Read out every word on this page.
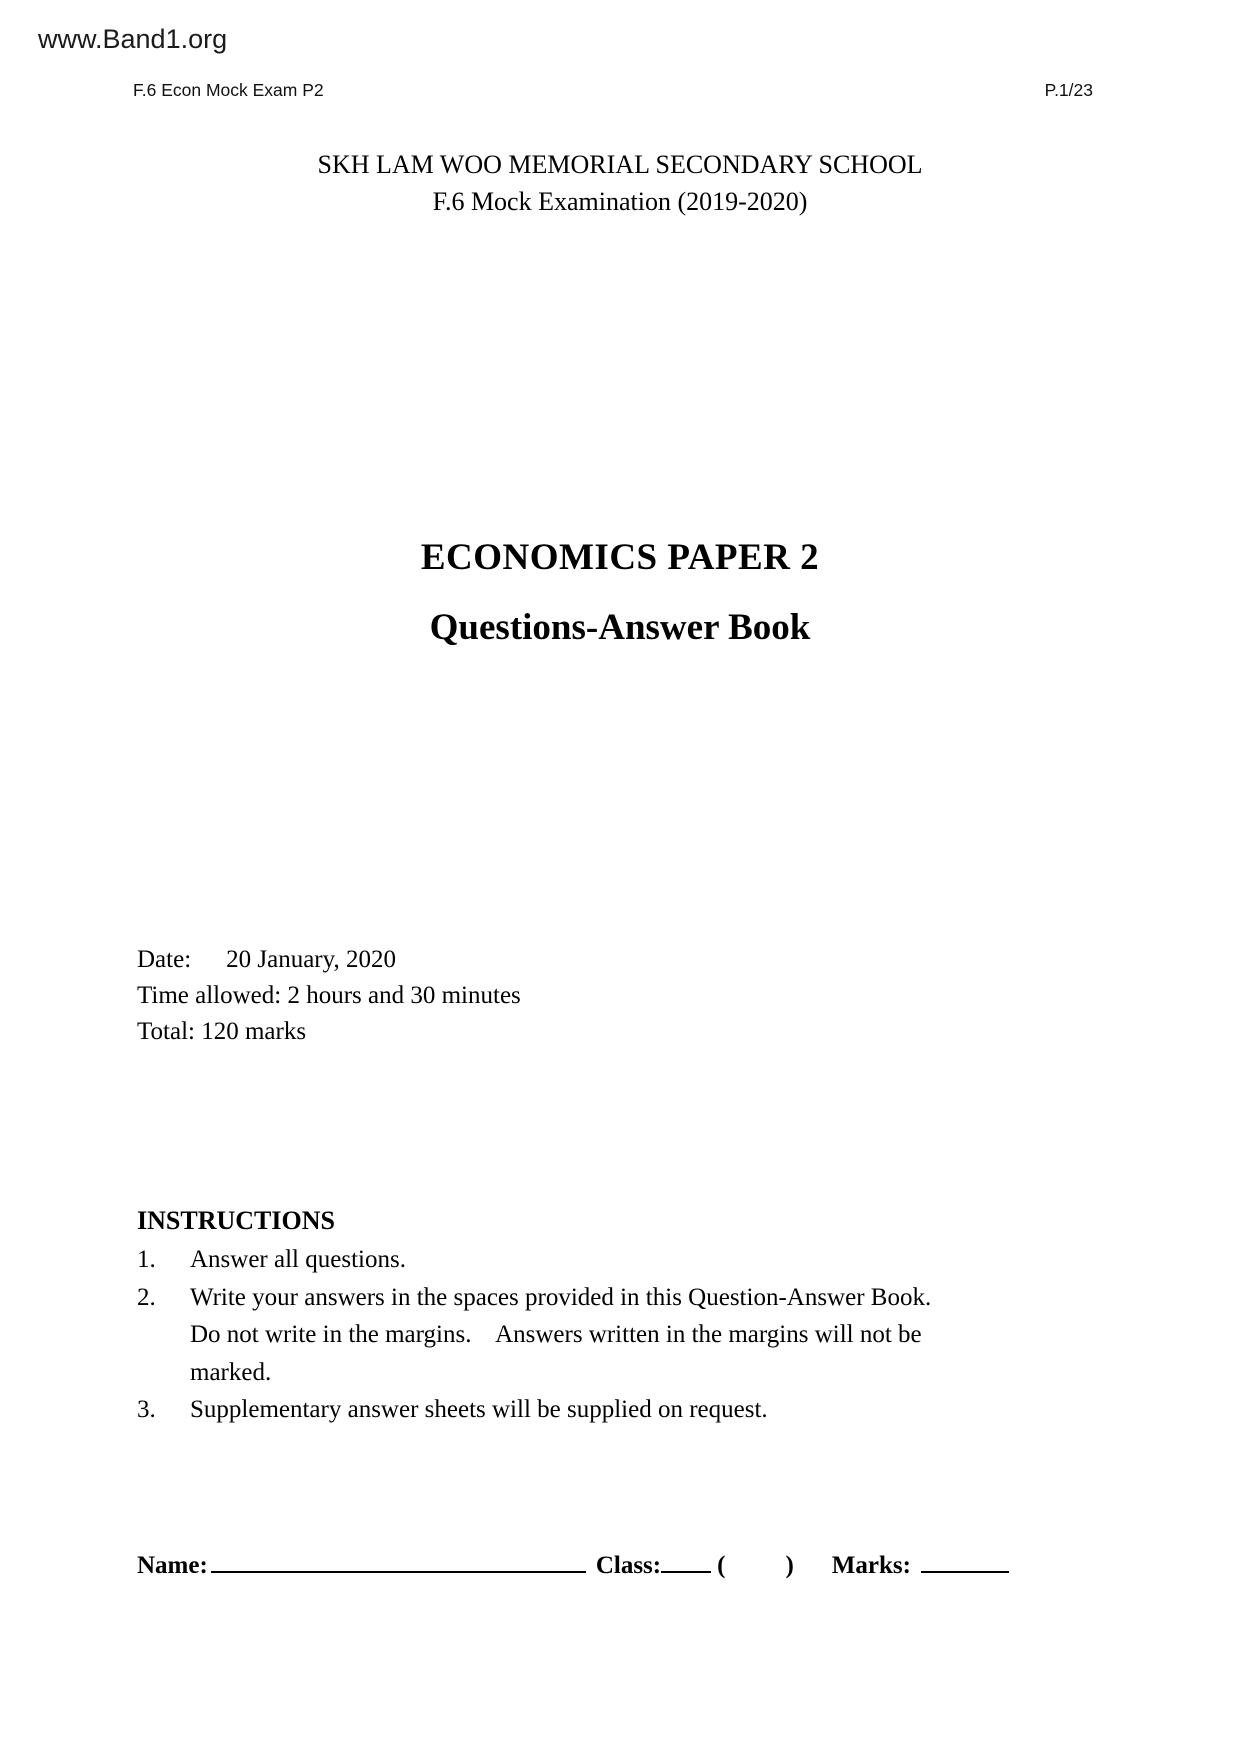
www.Band1.org
F.6 Econ Mock Exam P2	P.1/23
SKH LAM WOO MEMORIAL SECONDARY SCHOOL
F.6 Mock Examination (2019-2020)
ECONOMICS PAPER 2
Questions-Answer Book
Date: 20 January, 2020
Time allowed: 2 hours and 30 minutes
Total: 120 marks
INSTRUCTIONS
1.	Answer all questions.
2.	Write your answers in the spaces provided in this Question-Answer Book.
Do not write in the margins.    Answers written in the margins will not be
marked.
3.	Supplementary answer sheets will be supplied on request.
Name:	Class: ( ) Marks:
